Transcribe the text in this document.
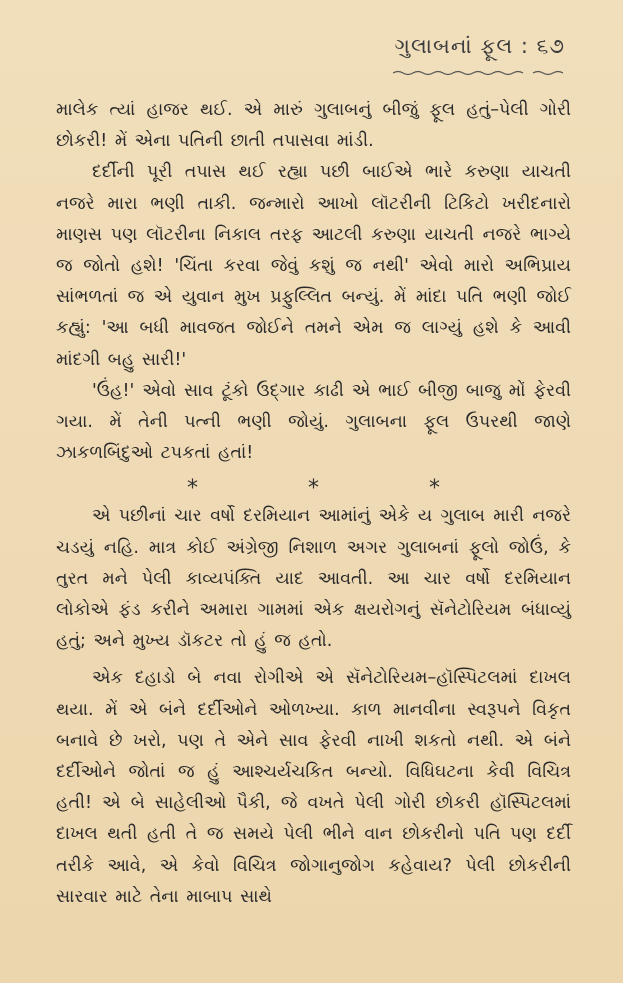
ગુલાબનાં ફૂલ : ૬૭

માલેક ત્યાં હાજર થઈ. એ મારું ગુલાબનું બીજું ફૂલ હતું–પેલી ગોરી છોકરી! મેં એના પતિની છાતી તપાસવા માંડી.

દર્દીની પૂરી તપાસ થઈ રહ્યા પછી બાઈએ ભારે કરુણા યાચતી નજરે મારા ભણી તાકી. જન્મારો આખો લૉટરીની ટિકિટો ખરીદનારો માણસ પણ લૉટરીના નિકાલ તરફ આટલી કરુણા યાચતી નજરે ભાગ્યે જ જોતો હશે! 'ચિંતા કરવા જેવું કશું જ નથી' એવો મારો અભિપ્રાય સાંભળતાં જ એ યુવાન મુખ પ્રફુલ્લિત બન્યું. મેં માંદા પતિ ભણી જોઈ કહ્યું: 'આ બધી માવજત જોઈને તમને એમ જ લાગ્યું હશે કે આવી માંદગી બહુ સારી!'

'ઉંહ!' એવો સાવ ટૂંકો ઉદ્‌ગાર કાઢી એ ભાઈ બીજી બાજુ મોં ફેરવી ગયા. મેં તેની પત્ની ભણી જોયું. ગુલાબના ફૂલ ઉપરથી જાણે ઝાકળબિંદુઓ ટપકતાં હતાં!

*	*	*

એ પછીનાં ચાર વર્ષો દરમિયાન આમાંનું એકે ય ગુલાબ મારી નજરે ચડયું નહિ. માત્ર કોઈ અંગ્રેજી નિશાળ અગર ગુલાબનાં ફૂલો જોઉં, કે તુરત મને પેલી કાવ્યપંક્તિ યાદ આવતી. આ ચાર વર્ષો દરમિયાન લોકોએ ફંડ કરીને અમારા ગામમાં એક ક્ષયરોગનું સૅનેટોરિયમ બંધાવ્યું હતું; અને મુખ્ય ડૉકટર તો હું જ હતો.

એક દહાડો બે નવા રોગીએ એ સૅનેટોરિયમ–હૉસ્પિટલમાં દાખલ થયા. મેં એ બંને દર્દીઓને ઓળખ્યા. કાળ માનવીના સ્વરૂપને વિકૃત બનાવે છે ખરો, પણ તે એને સાવ ફેરવી નાખી શકતો નથી. એ બંને દર્દીઓને જોતાં જ હું આશ્ચર્યચકિત બન્યો. વિધિઘટના કેવી વિચિત્ર હતી! એ બે સાહેલીઓ પૈકી, જે વખતે પેલી ગોરી છોકરી હૉસ્પિટલમાં દાખલ થતી હતી તે જ સમયે પેલી ભીને વાન છોકરીનો પતિ પણ દર્દી તરીકે આવે, એ કેવો વિચિત્ર જોગાનુજોગ કહેવાય? પેલી છોકરીની સારવાર માટે તેના માબાપ સાથે
